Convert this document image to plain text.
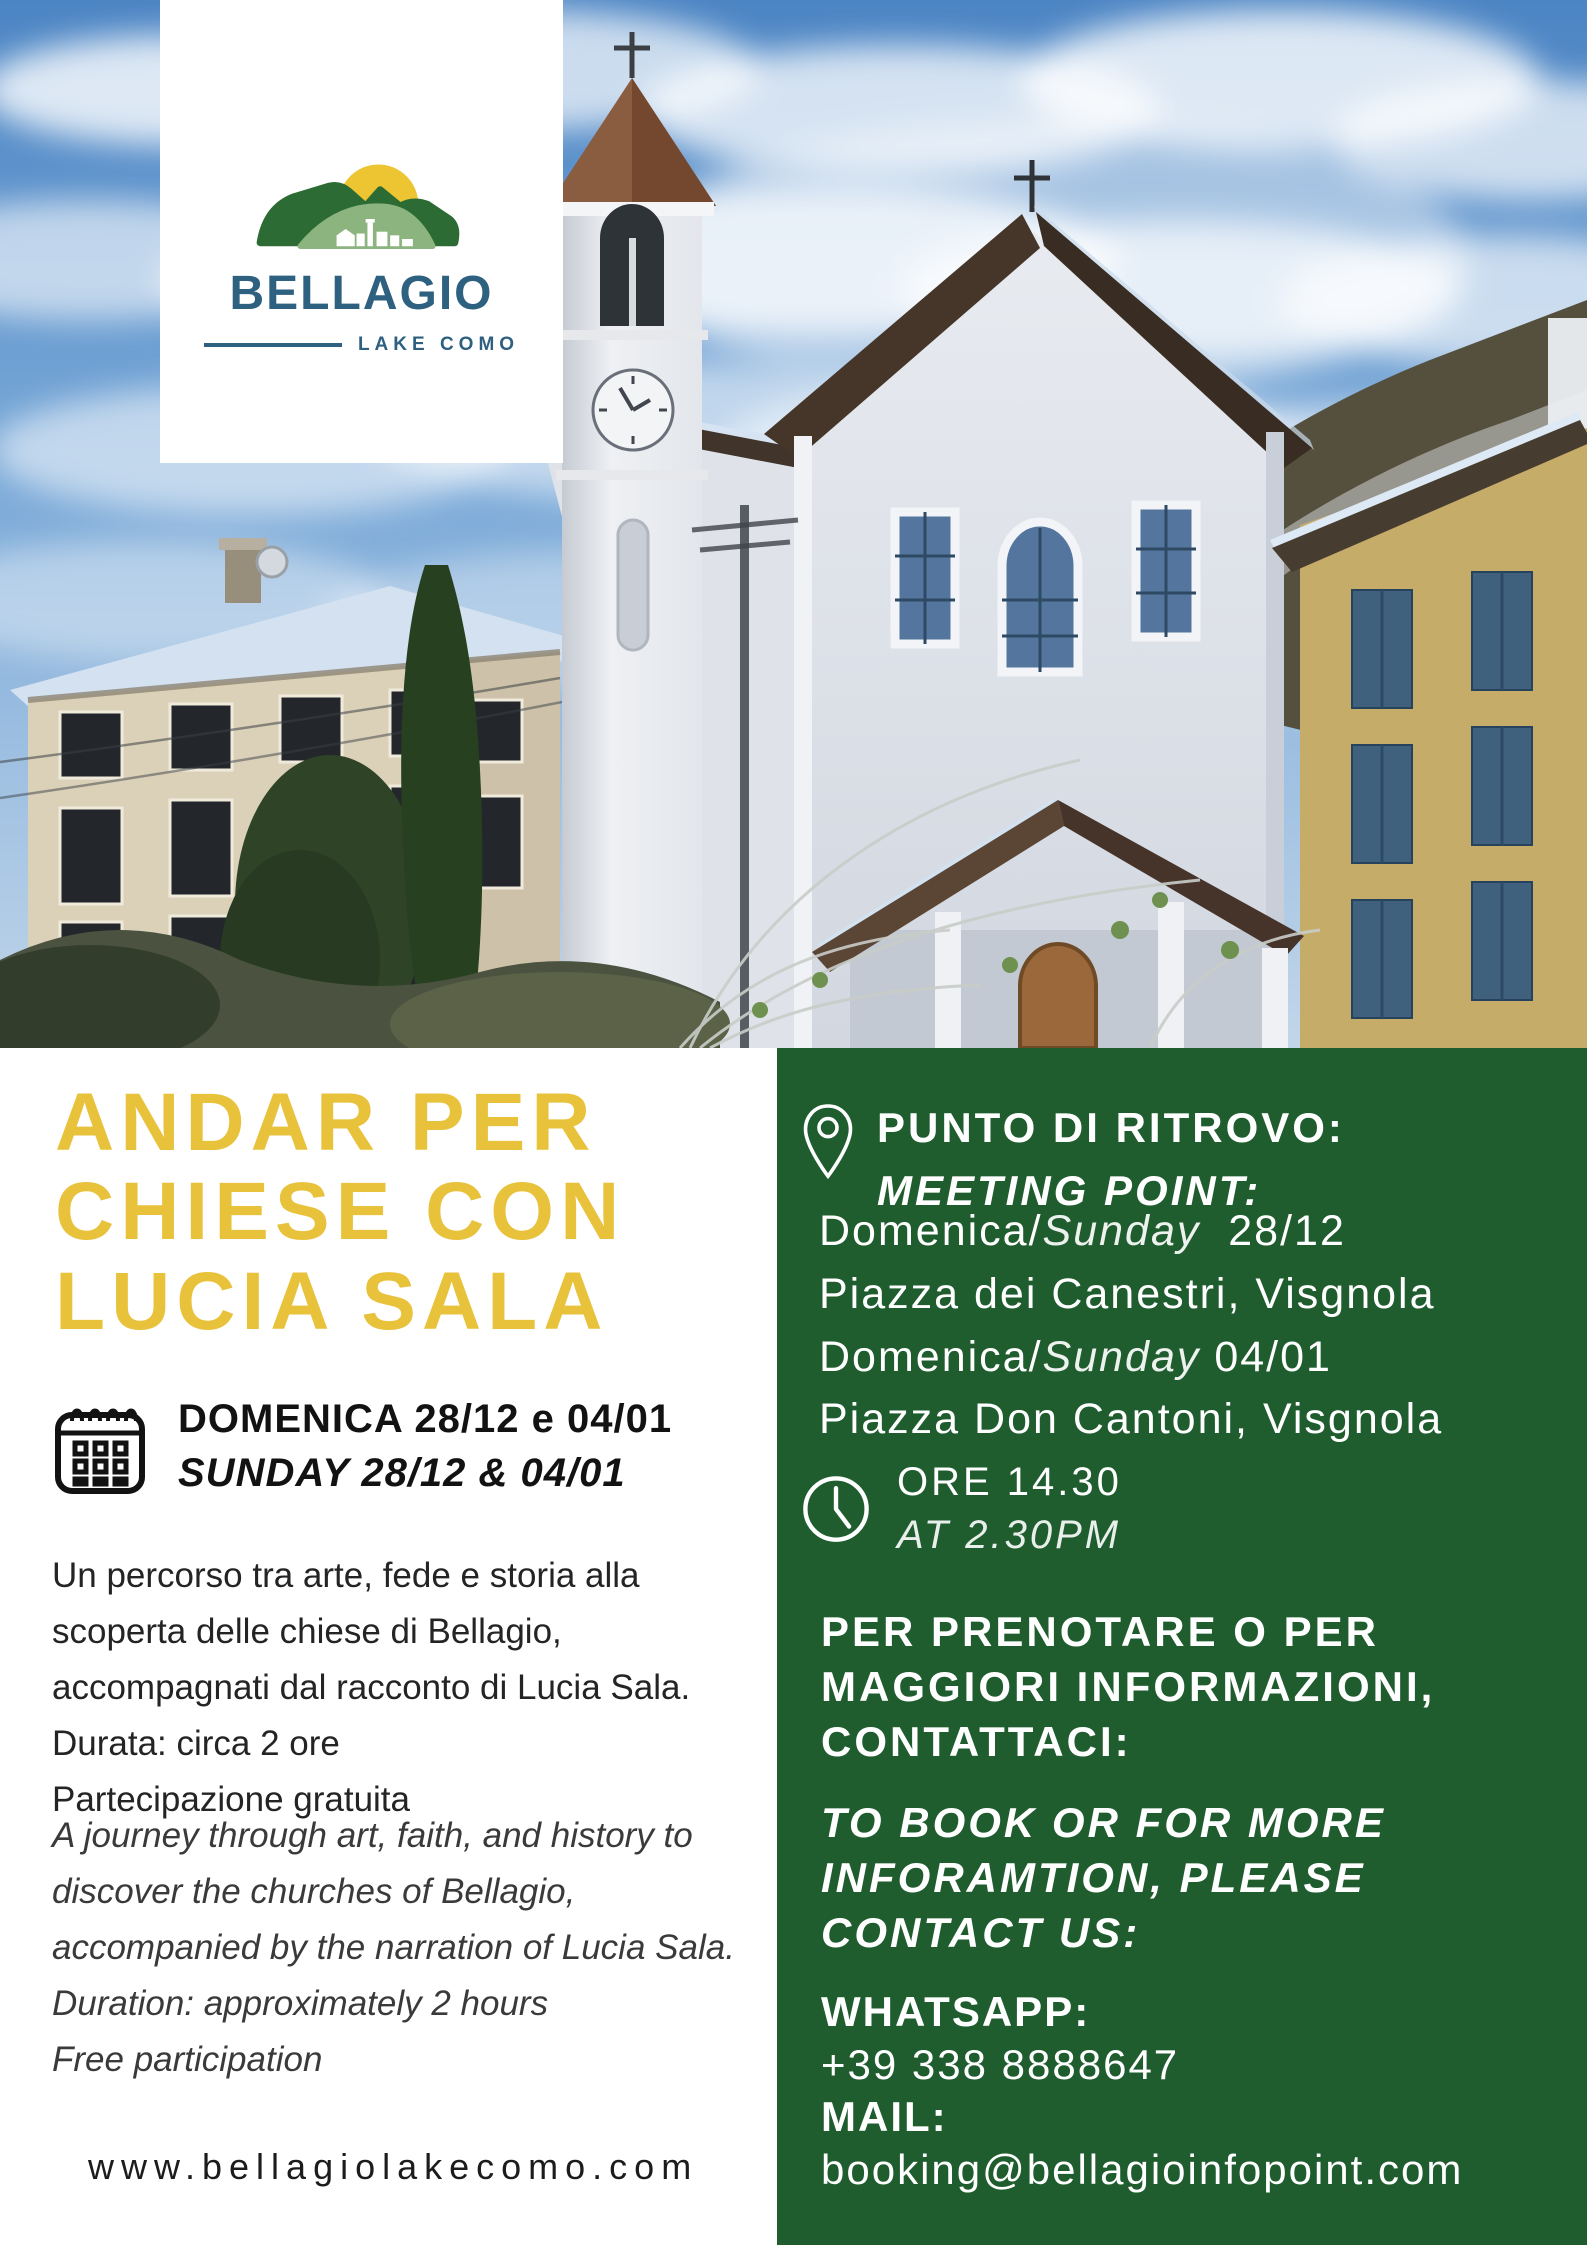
BELLAGIO
LAKE COMO
ANDAR PER
CHIESE CON
LUCIA SALA
DOMENICA 28/12 e 04/01
SUNDAY 28/12 & 04/01
Un percorso tra arte, fede e storia alla scoperta delle chiese di Bellagio, accompagnati dal racconto di Lucia Sala.
Durata: circa 2 ore
Partecipazione gratuita
A journey through art, faith, and history to discover the churches of Bellagio, accompanied by the narration of Lucia Sala.
Duration: approximately 2 hours
Free participation
www.bellagiolakecomo.com
PUNTO DI RITROVO:
MEETING POINT:
Domenica/Sunday  28/12
Piazza dei Canestri, Visgnola
Domenica/Sunday 04/01
Piazza Don Cantoni, Visgnola
ORE 14.30
AT 2.30PM
PER PRENOTARE O PER MAGGIORI INFORMAZIONI, CONTATTACI:
TO BOOK OR FOR MORE INFORAMTION, PLEASE CONTACT US:
WHATSAPP:
+39 338 8888647
MAIL:
booking@bellagioinfopoint.com
